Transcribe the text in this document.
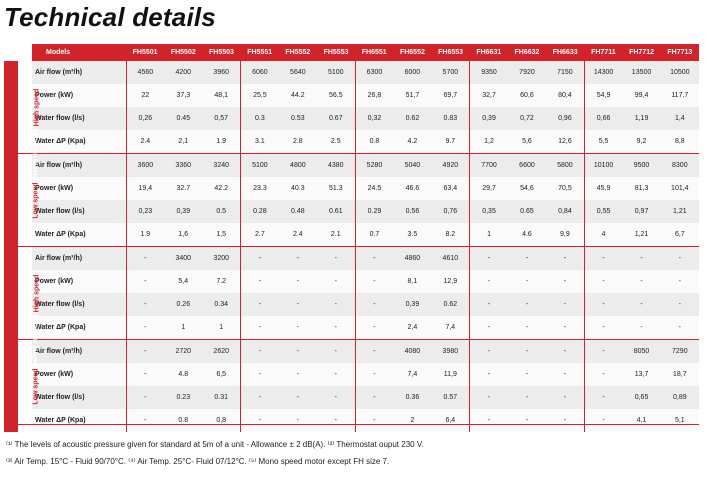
Technical details
		Models	FH5501	FH5502	FH5503	FH5551	FH5552	FH5553	FH6551	FH6552	FH6553	FH6631	FH6632	FH6633	FH7711	FH7712	FH7713
Heating models (1)	High speed	Air flow (m³/h)	4560	4200	3960	6060	5640	5100	6300	6000	5700	9350	7920	7150	14300	13500	10500
		Power (kW)	22	37,3	48,1	25,5	44.2	56.5	26,8	51,7	69,7	32,7	60,6	80,4	54,9	99,4	117,7
		Water flow (l/s)	0,26	0.45	0,57	0.3	0.53	0.67	0,32	0.62	0.83	0,39	0,72	0,96	0,66	1,19	1,4
		Water ΔP (Kpa)	2.4	2,1	1.9	3.1	2.8	2.5	0.8	4.2	9.7	1,2	5,6	12,6	5,5	9,2	8,8
	Low speed	Air flow (m³/h)	3600	3360	3240	5100	4800	4380	5280	5040	4920	7700	6600	5800	10100	9500	8300
		Power (kW)	19,4	32.7	42.2	23.3	40.3	51.3	24.5	46.6	63,4	29,7	54,6	70,5	45,9	81,3	101,4
		Water flow (l/s)	0,23	0,39	0.5	0.28	0.48	0.61	0.29	0.56	0,76	0,35	0.65	0,84	0,55	0,97	1,21
		Water ΔP (Kpa)	1.9	1,6	1,5	2.7	2.4	2.1	0.7	3.5	8.2	1	4.6	9,9	4	1,21	6,7
Cooling models (2)	High speed	Air flow (m³/h)	-	3400	3200	-	-	-	-	4860	4610	-	-	-	-	-	-
		Power (kW)	-	5,4	7.2	-	-	-	-	8,1	12,9	-	-	-	-	-	-
		Water flow (l/s)	-	0.26	0.34	-	-	-	-	0,39	0.62	-	-	-	-	-	-
		Water ΔP (Kpa)	-	1	1	-	-	-	-	2,4	7,4	-	-	-	-	-	-
	Low speed	Air flow (m³/h)	-	2720	2620	-	-	-	-	4080	3980	-	-	-	-	8050	7290
		Power (kW)	-	4.8	6,5	-	-	-	-	7,4	11,9	-	-	-	-	13,7	18,7
		Water flow (l/s)	-	0.23	0.31	-	-	-	-	0.36	0.57	-	-	-	-	0,65	0,89
		Water ΔP (Kpa)	-	0.8	0,8	-	-	-	-	2	6,4	-	-	-	-	4,1	5,1
⁽¹⁾ The levels of acoustic pressure given for standard at 5m of a unit - Allowance ± 2 dB(A). ⁽²⁾ Thermostat ouput 230 V.
⁽³⁾ Air Temp. 15°C - Fluid 90/70°C. ⁽⁴⁾ Air Temp. 25°C- Fluid 07/12°C. ⁽⁵⁾ Mono speed motor except FH size 7.
